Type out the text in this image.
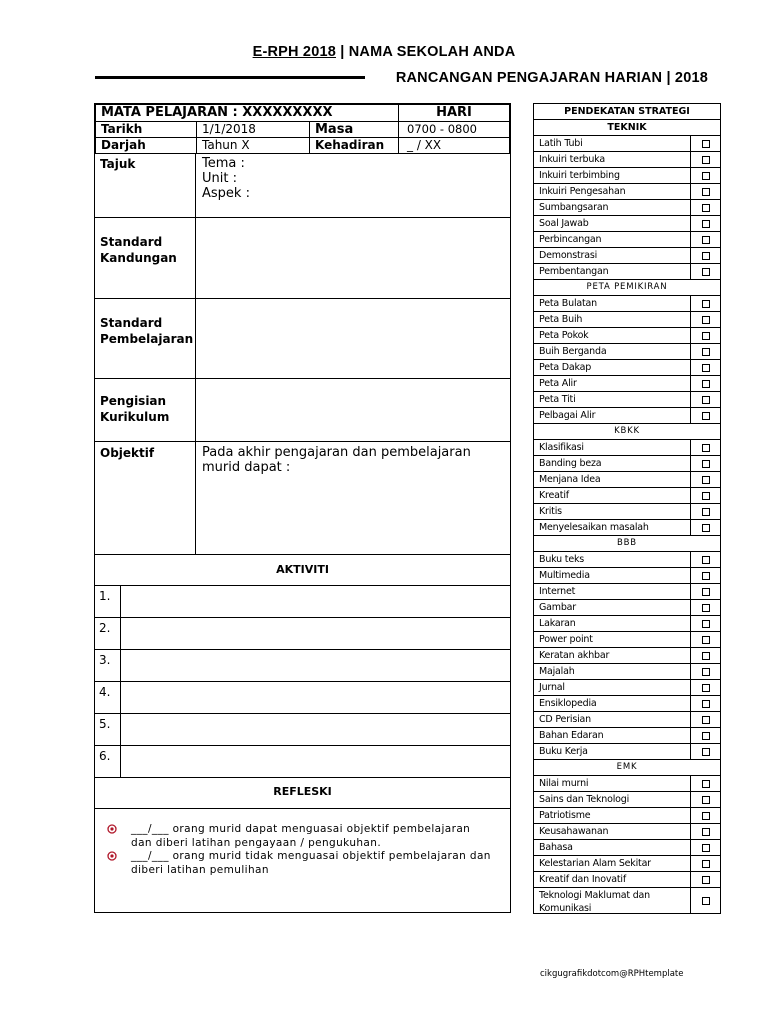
E-RPH 2018 | NAMA SEKOLAH ANDA
RANCANGAN PENGAJARAN HARIAN | 2018
MATA PELAJARAN : XXXXXXXXX			HARI
Tarikh	1/1/2018	Masa	0700 - 0800
Darjah	Tahun X	Kehadiran	_ / XX
Tajuk	Tema :
Unit :
Aspek :
Standard
Kandungan
Standard
Pembelajaran
Pengisian
Kurikulum
Objektif	Pada akhir pengajaran dan pembelajaran
murid dapat :
AKTIVITI
1.
2.
3.
4.
5.
6.
REFLESKI
___/___ orang murid dapat menguasai objektif pembelajaran
dan diberi latihan pengayaan / pengukuhan.
___/___ orang murid tidak menguasai objektif pembelajaran dan
diberi latihan pemulihan
PENDEKATAN STRATEGI
TEKNIK
Latih Tubi
Inkuiri terbuka
Inkuiri terbimbing
Inkuiri Pengesahan
Sumbangsaran
Soal Jawab
Perbincangan
Demonstrasi
Pembentangan
PETA PEMIKIRAN
Peta Bulatan
Peta Buih
Peta Pokok
Buih Berganda
Peta Dakap
Peta Alir
Peta Titi
Pelbagai Alir
KBKK
Klasifikasi
Banding beza
Menjana Idea
Kreatif
Kritis
Menyelesaikan masalah
BBB
Buku teks
Multimedia
Internet
Gambar
Lakaran
Power point
Keratan akhbar
Majalah
Jurnal
Ensiklopedia
CD Perisian
Bahan Edaran
Buku Kerja
EMK
Nilai murni
Sains dan Teknologi
Patriotisme
Keusahawanan
Bahasa
Kelestarian Alam Sekitar
Kreatif dan Inovatif
Teknologi Maklumat dan Komunikasi
cikgugrafikdotcom@RPHtemplate
